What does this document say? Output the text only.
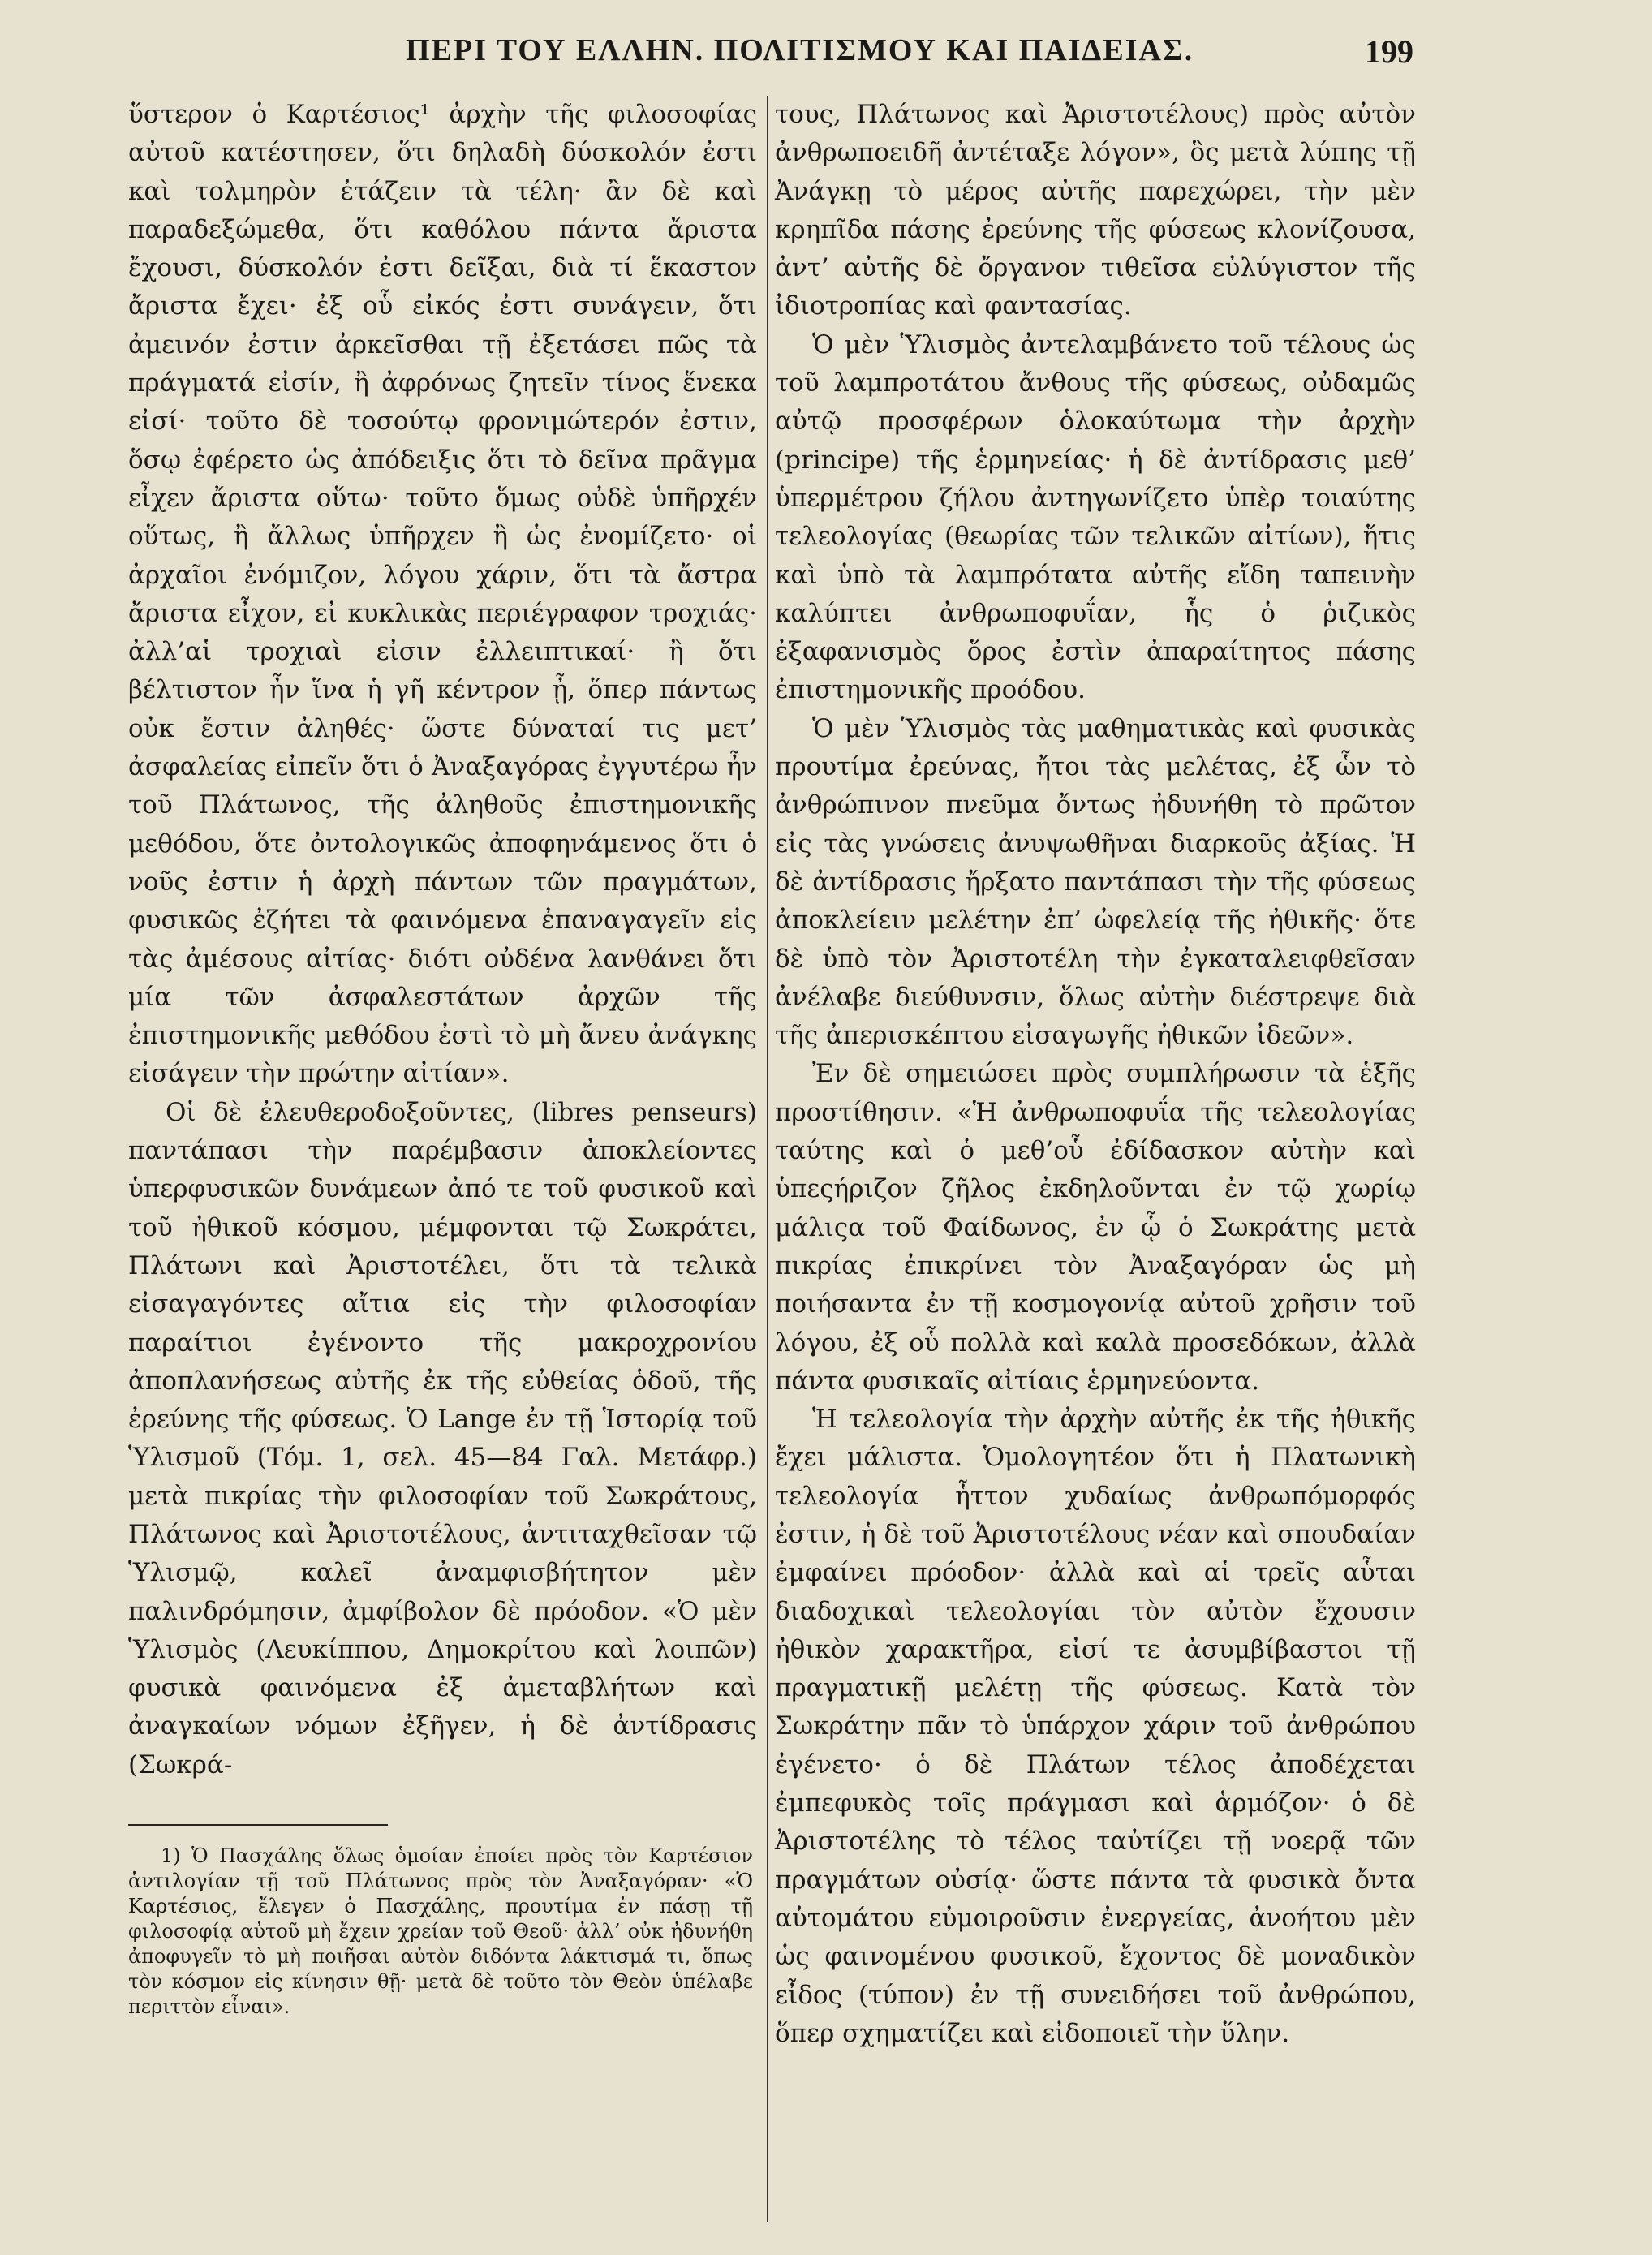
ΠΕΡΙ ΤΟΥ ΕΛΛΗΝ. ΠΟΛΙΤΙΣΜΟΥ ΚΑΙ ΠΑΙΔΕΙΑΣ.	199

ὕστερον ὁ Καρτέσιος¹ ἀρχὴν τῆς φιλοσοφίας αὐτοῦ κατέστησεν, ὅτι δηλαδὴ δύσκολόν ἐστι καὶ τολμηρὸν ἐτάζειν τὰ τέλη· ἂν δὲ καὶ παραδεξώμεθα, ὅτι καθόλου πάντα ἄριστα ἔχουσι, δύσκολόν ἐστι δεῖξαι, διὰ τί ἕκαστον ἄριστα ἔχει· ἐξ οὗ εἰκός ἐστι συνάγειν, ὅτι ἀμεινόν ἐστιν ἀρκεῖσθαι τῇ ἐξετάσει πῶς τὰ πράγματά εἰσίν, ἢ ἀφρόνως ζητεῖν τίνος ἕνεκα εἰσί· τοῦτο δὲ τοσούτῳ φρονιμώτερόν ἐστιν, ὅσῳ ἐφέρετο ὡς ἀπόδειξις ὅτι τὸ δεῖνα πρᾶγμα εἶχεν ἄριστα οὕτω· τοῦτο ὅμως οὐδὲ ὑπῆρχέν οὕτως, ἢ ἄλλως ὑπῆρχεν ἢ ὡς ἐνομίζετο· οἱ ἀρχαῖοι ἐνόμιζον, λόγου χάριν, ὅτι τὰ ἄστρα ἄριστα εἶχον, εἰ κυκλικὰς περιέγραφον τροχιάς· ἀλλ’αἱ τροχιαὶ εἰσιν ἐλλειπτικαί· ἢ ὅτι βέλτιστον ἦν ἵνα ἡ γῆ κέντρον ᾖ, ὅπερ πάντως οὐκ ἔστιν ἀληθές· ὥστε δύναταί τις μετ’ ἀσφαλείας εἰπεῖν ὅτι ὁ Ἀναξαγόρας ἐγγυτέρω ἦν τοῦ Πλάτωνος, τῆς ἀληθοῦς ἐπιστημονικῆς μεθόδου, ὅτε ὀντολογικῶς ἀποφηνάμενος ὅτι ὁ νοῦς ἐστιν ἡ ἀρχὴ πάντων τῶν πραγμάτων, φυσικῶς ἐζήτει τὰ φαινόμενα ἐπαναγαγεῖν εἰς τὰς ἀμέσους αἰτίας· διότι οὐδένα λανθάνει ὅτι μία τῶν ἀσφαλεστάτων ἀρχῶν τῆς ἐπιστημονικῆς μεθόδου ἐστὶ τὸ μὴ ἄνευ ἀνάγκης εἰσάγειν τὴν πρώτην αἰτίαν».

Οἱ δὲ ἐλευθεροδοξοῦντες, (libres penseurs) παντάπασι τὴν παρέμβασιν ἀποκλείοντες ὑπερφυσικῶν δυνάμεων ἀπό τε τοῦ φυσικοῦ καὶ τοῦ ἠθικοῦ κόσμου, μέμφονται τῷ Σωκράτει, Πλάτωνι καὶ Ἀριστοτέλει, ὅτι τὰ τελικὰ εἰσαγαγόντες αἴτια εἰς τὴν φιλοσοφίαν παραίτιοι ἐγένοντο τῆς μακροχρονίου ἀποπλανήσεως αὐτῆς ἐκ τῆς εὐθείας ὁδοῦ, τῆς ἐρεύνης τῆς φύσεως. Ὁ Lange ἐν τῇ Ἱστορίᾳ τοῦ Ὑλισμοῦ (Τόμ. 1, σελ. 45—84 Γαλ. Μετάφρ.) μετὰ πικρίας τὴν φιλοσοφίαν τοῦ Σωκράτους, Πλάτωνος καὶ Ἀριστοτέλους, ἀντιταχθεῖσαν τῷ Ὑλισμῷ, καλεῖ ἀναμφισβήτητον μὲν παλινδρόμησιν, ἀμφίβολον δὲ πρόοδον. «Ὁ μὲν Ὑλισμὸς (Λευκίππου, Δημοκρίτου καὶ λοιπῶν) φυσικὰ φαινόμενα ἐξ ἀμεταβλήτων καὶ ἀναγκαίων νόμων ἐξῆγεν, ἡ δὲ ἀντίδρασις (Σωκρά-

τους, Πλάτωνος καὶ Ἀριστοτέλους) πρὸς αὐτὸν ἀνθρωποειδῆ ἀντέταξε λόγον», ὃς μετὰ λύπης τῇ Ἀνάγκῃ τὸ μέρος αὐτῆς παρεχώρει, τὴν μὲν κρηπῖδα πάσης ἐρεύνης τῆς φύσεως κλονίζουσα, ἀντ’ αὐτῆς δὲ ὄργανον τιθεῖσα εὐλύγιστον τῆς ἰδιοτροπίας καὶ φαντασίας.

Ὁ μὲν Ὑλισμὸς ἀντελαμβάνετο τοῦ τέλους ὡς τοῦ λαμπροτάτου ἄνθους τῆς φύσεως, οὐδαμῶς αὐτῷ προσφέρων ὁλοκαύτωμα τὴν ἀρχὴν (principe) τῆς ἑρμηνείας· ἡ δὲ ἀντίδρασις μεθ’ ὑπερμέτρου ζήλου ἀντηγωνίζετο ὑπὲρ τοιαύτης τελεολογίας (θεωρίας τῶν τελικῶν αἰτίων), ἥτις καὶ ὑπὸ τὰ λαμπρότατα αὐτῆς εἴδη ταπεινὴν καλύπτει ἀνθρωποφυΐαν, ἧς ὁ ῥιζικὸς ἐξαφανισμὸς ὅρος ἐστὶν ἀπαραίτητος πάσης ἐπιστημονικῆς προόδου.

Ὁ μὲν Ὑλισμὸς τὰς μαθηματικὰς καὶ φυσικὰς προυτίμα ἐρεύνας, ἤτοι τὰς μελέτας, ἐξ ὧν τὸ ἀνθρώπινον πνεῦμα ὄντως ἠδυνήθη τὸ πρῶτον εἰς τὰς γνώσεις ἀνυψωθῆναι διαρκοῦς ἀξίας. Ἡ δὲ ἀντίδρασις ἤρξατο παντάπασι τὴν τῆς φύσεως ἀποκλείειν μελέτην ἐπ’ ὠφελείᾳ τῆς ἠθικῆς· ὅτε δὲ ὑπὸ τὸν Ἀριστοτέλη τὴν ἐγκαταλειφθεῖσαν ἀνέλαβε διεύθυνσιν, ὅλως αὐτὴν διέστρεψε διὰ τῆς ἀπερισκέπτου εἰσαγωγῆς ἠθικῶν ἰδεῶν».

Ἐν δὲ σημειώσει πρὸς συμπλήρωσιν τὰ ἑξῆς προστίθησιν. «Ἡ ἀνθρωποφυΐα τῆς τελεολογίας ταύτης καὶ ὁ μεθ’οὗ ἐδίδασκον αὐτὴν καὶ ὑπεςήριζον ζῆλος ἐκδηλοῦνται ἐν τῷ χωρίῳ μάλιςα τοῦ Φαίδωνος, ἐν ᾧ ὁ Σωκράτης μετὰ πικρίας ἐπικρίνει τὸν Ἀναξαγόραν ὡς μὴ ποιήσαντα ἐν τῇ κοσμογονίᾳ αὐτοῦ χρῆσιν τοῦ λόγου, ἐξ οὗ πολλὰ καὶ καλὰ προσεδόκων, ἀλλὰ πάντα φυσικαῖς αἰτίαις ἑρμηνεύοντα.

Ἡ τελεολογία τὴν ἀρχὴν αὐτῆς ἐκ τῆς ἠθικῆς ἔχει μάλιστα. Ὁμολογητέον ὅτι ἡ Πλατωνικὴ τελεολογία ἧττον χυδαίως ἀνθρωπόμορφός ἐστιν, ἡ δὲ τοῦ Ἀριστοτέλους νέαν καὶ σπουδαίαν ἐμφαίνει πρόοδον· ἀλλὰ καὶ αἱ τρεῖς αὗται διαδοχικαὶ τελεολογίαι τὸν αὐτὸν ἔχουσιν ἠθικὸν χαρακτῆρα, εἰσί τε ἀσυμβίβαστοι τῇ πραγματικῇ μελέτῃ τῆς φύσεως. Κατὰ τὸν Σωκράτην πᾶν τὸ ὑπάρχον χάριν τοῦ ἀνθρώπου ἐγένετο· ὁ δὲ Πλάτων τέλος ἀποδέχεται ἐμπεφυκὸς τοῖς πράγμασι καὶ ἁρμόζον· ὁ δὲ Ἀριστοτέλης τὸ τέλος ταὐτίζει τῇ νοερᾷ τῶν πραγμάτων οὐσίᾳ· ὥστε πάντα τὰ φυσικὰ ὄντα αὐτομάτου εὐμοιροῦσιν ἐνεργείας, ἀνοήτου μὲν ὡς φαινομένου φυσικοῦ, ἔχοντος δὲ μοναδικὸν εἶδος (τύπον) ἐν τῇ συνειδήσει τοῦ ἀνθρώπου, ὅπερ σχηματίζει καὶ εἰδοποιεῖ τὴν ὕλην.

1) Ὁ Πασχάλης ὅλως ὁμοίαν ἐποίει πρὸς τὸν Καρτέσιον ἀντιλογίαν τῇ τοῦ Πλάτωνος πρὸς τὸν Ἀναξαγόραν· «Ὁ Καρτέσιος, ἔλεγεν ὁ Πασχάλης, προυτίμα ἐν πάσῃ τῇ φιλοσοφίᾳ αὐτοῦ μὴ ἔχειν χρείαν τοῦ Θεοῦ· ἀλλ’ οὐκ ἠδυνήθη ἀποφυγεῖν τὸ μὴ ποιῆσαι αὐτὸν διδόντα λάκτισμά τι, ὅπως τὸν κόσμον εἰς κίνησιν θῇ· μετὰ δὲ τοῦτο τὸν Θεὸν ὑπέλαβε περιττὸν εἶναι».
